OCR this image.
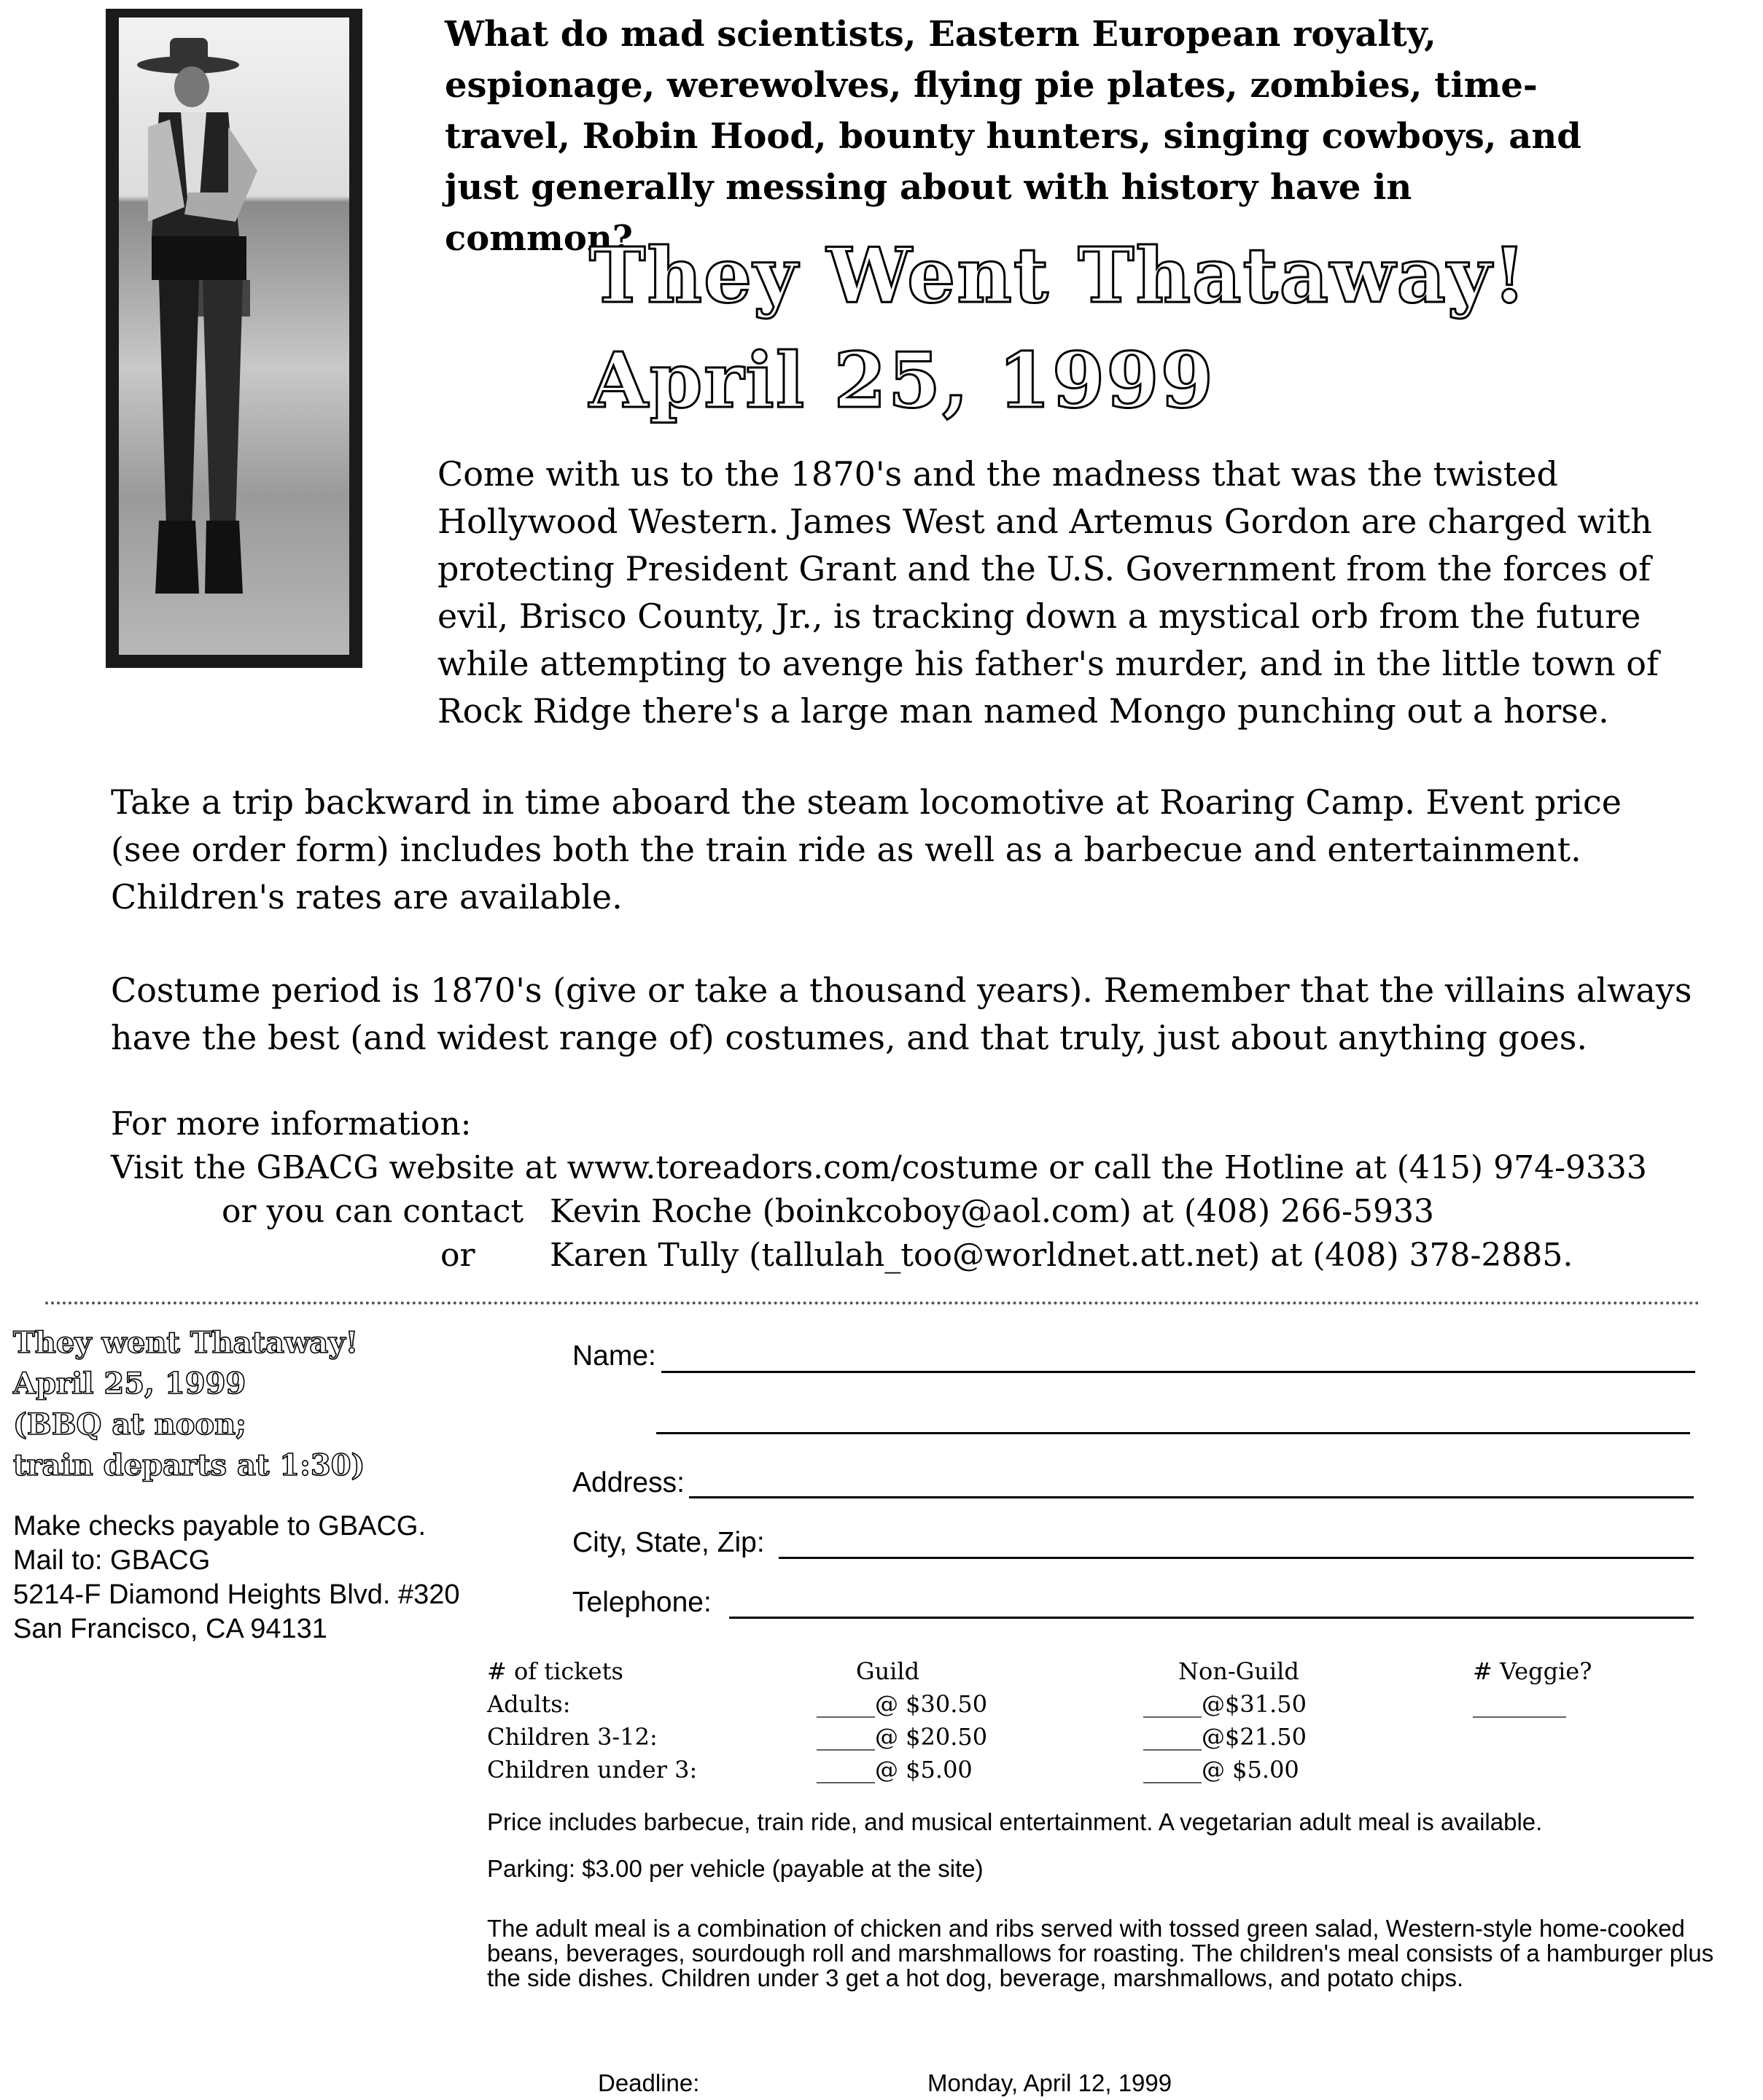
What do mad scientists, Eastern European royalty, espionage, werewolves, flying pie plates, zombies, time-travel, Robin Hood, bounty hunters, singing cowboys, and just generally messing about with history have in common?
They Went Thataway!
April 25, 1999
Come with us to the 1870's and the madness that was the twisted Hollywood Western. James West and Artemus Gordon are charged with protecting President Grant and the U.S. Government from the forces of evil, Brisco County, Jr., is tracking down a mystical orb from the future while attempting to avenge his father's murder, and in the little town of Rock Ridge there's a large man named Mongo punching out a horse.
Take a trip backward in time aboard the steam locomotive at Roaring Camp. Event price (see order form) includes both the train ride as well as a barbecue and entertainment. Children's rates are available.
Costume period is 1870's (give or take a thousand years). Remember that the villains always have the best (and widest range of) costumes, and that truly, just about anything goes.
For more information:
Visit the GBACG website at www.toreadors.com/costume or call the Hotline at (415) 974-9333
or you can contact Kevin Roche (boinkcoboy@aol.com) at (408) 266-5933
or Karen Tully (tallulah_too@worldnet.att.net) at (408) 378-2885.
They went Thataway!
April 25, 1999
(BBQ at noon;
train departs at 1:30)
Make checks payable to GBACG.
Mail to: GBACG
5214-F Diamond Heights Blvd. #320
San Francisco, CA 94131
Name:
Address:
City, State, Zip:
Telephone:
# of tickets	Guild	Non-Guild	# Veggie?
Adults:	_____@ $30.50	_____@$31.50	________
Children 3-12:	_____@ $20.50	_____@$21.50
Children under 3:	_____@ $5.00	_____@ $5.00
Price includes barbecue, train ride, and musical entertainment. A vegetarian adult meal is available.
Parking: $3.00 per vehicle (payable at the site)
The adult meal is a combination of chicken and ribs served with tossed green salad, Western-style home-cooked beans, beverages, sourdough roll and marshmallows for roasting. The children's meal consists of a hamburger plus the side dishes. Children under 3 get a hot dog, beverage, marshmallows, and potato chips.
Deadline:	Monday, April 12, 1999
